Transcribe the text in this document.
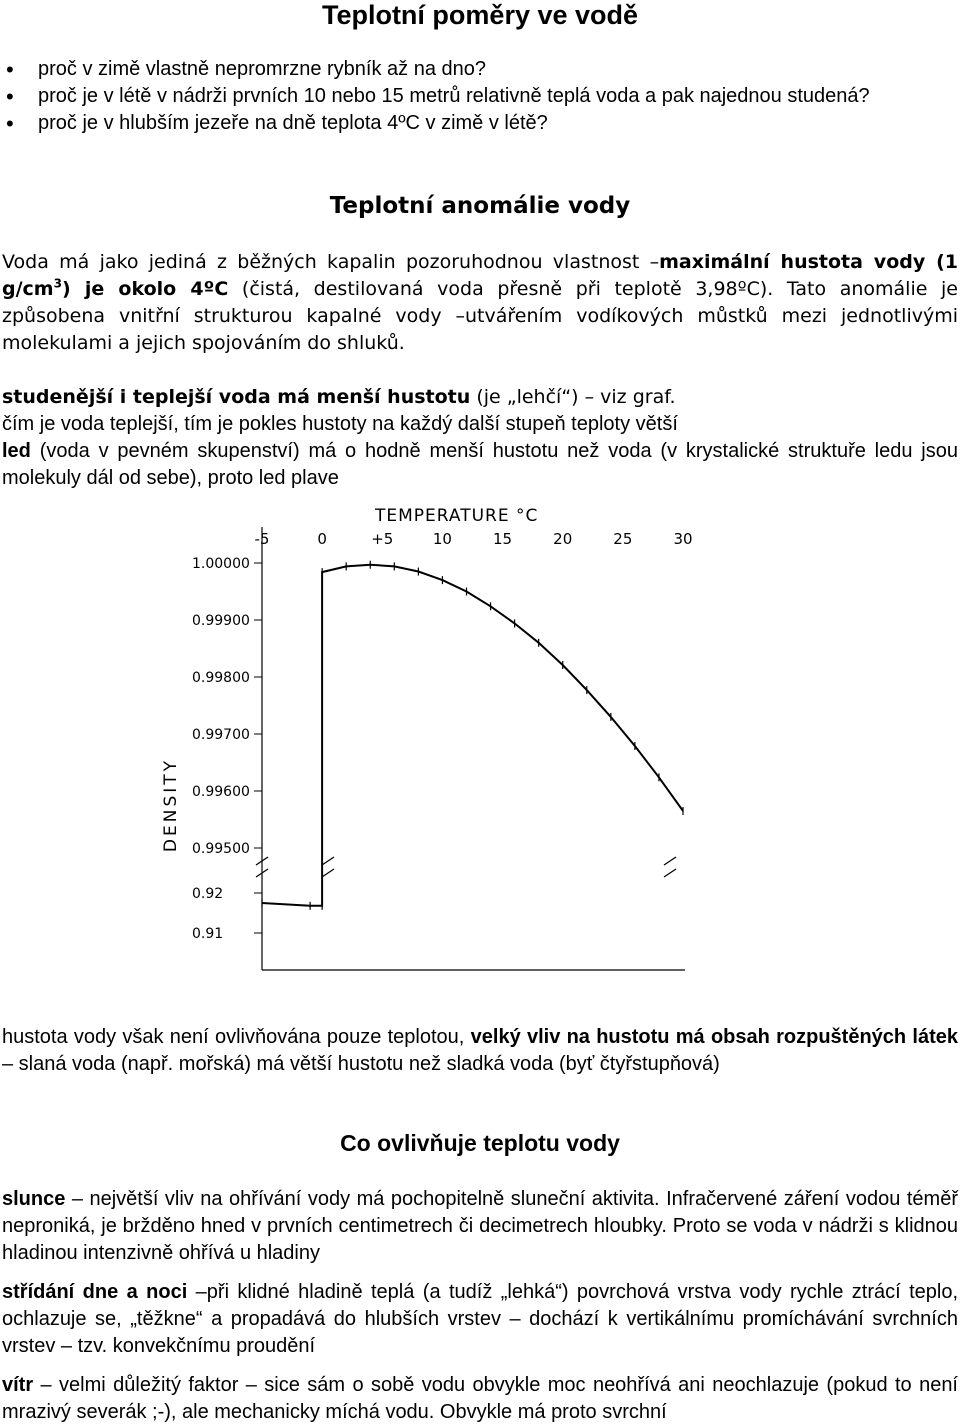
Teplotní poměry ve vodě
• proč v zimě vlastně nepromrzne rybník až na dno?
• proč je v létě v nádrži prvních 10 nebo 15 metrů relativně teplá voda a pak najednou studená?
• proč je v hlubším jezeře na dně teplota 4ºC v zimě v létě?
Teplotní anomálie vody
Voda má jako jediná z běžných kapalin pozoruhodnou vlastnost –maximální hustota vody (1 $g/cm^3$) je okolo 4ºC (čistá, destilovaná voda přesně při teplotě 3,98ºC). Tato anomálie je způsobena vnitřní strukturou kapalné vody –utvářením vodíkových můstků mezi jednotlivými molekulami a jejich spojováním do shluků.
studenější i teplejší voda má menší hustotu (je „lehčí“) – viz graf.
čím je voda teplejší, tím je pokles hustoty na každý další stupeň teploty větší
led (voda v pevném skupenství) má o hodně menší hustotu než voda (v krystalické struktuře ledu jsou molekuly dál od sebe), proto led plave
TEMPERATURE °C
-5	0	+5	10	15	20	25	30
1.00000
0.99900
0.99800
0.99700
0.99600
0.99500
0.92
0.91
DENSITY
hustota vody však není ovlivňována pouze teplotou, velký vliv na hustotu má obsah rozpuštěných látek – slaná voda (např. mořská) má větší hustotu než sladká voda (byť čtyřstupňová)
Co ovlivňuje teplotu vody
slunce – největší vliv na ohřívání vody má pochopitelně sluneční aktivita. Infračervené záření vodou téměř neproniká, je bržděno hned v prvních centimetrech či decimetrech hloubky. Proto se voda v nádrži s klidnou hladinou intenzivně ohřívá u hladiny
střídání dne a noci –při klidné hladině teplá (a tudíž „lehká“) povrchová vrstva vody rychle ztrácí teplo, ochlazuje se, „těžkne“ a propadává do hlubších vrstev – dochází k vertikálnímu promíchávání svrchních vrstev – tzv. konvekčnímu proudění
vítr – velmi důležitý faktor – sice sám o sobě vodu obvykle moc neohřívá ani neochlazuje (pokud to není mrazivý severák ;-), ale mechanicky míchá vodu. Obvykle má proto svrchní
